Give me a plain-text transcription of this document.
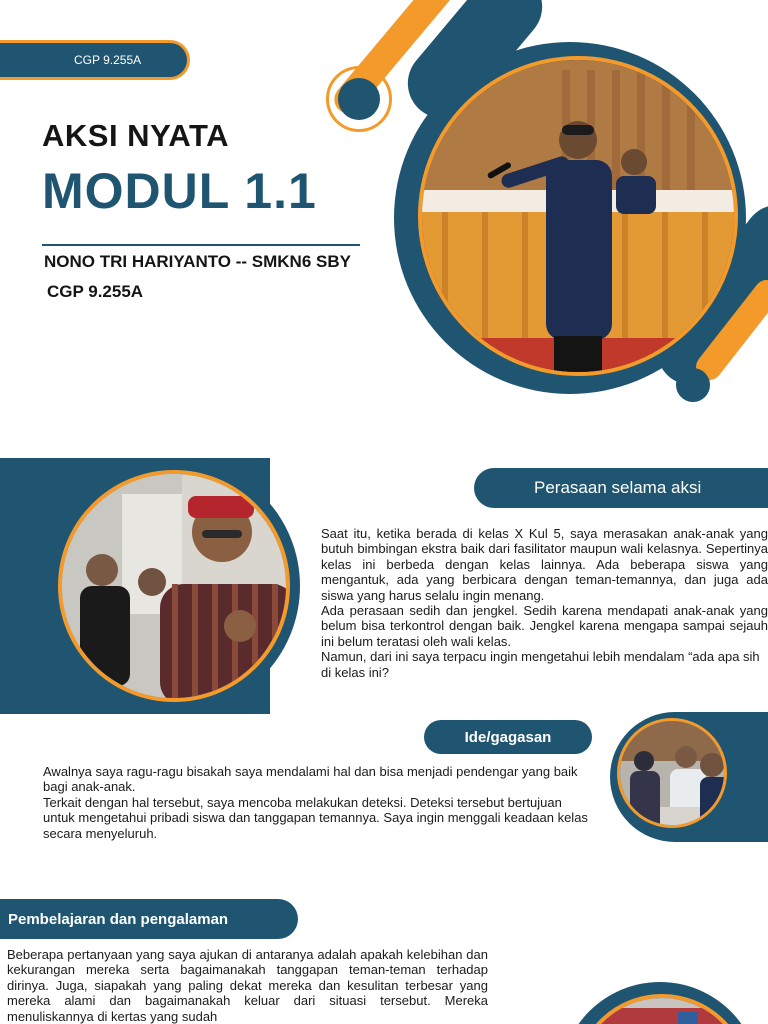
CGP 9.255A
AKSI NYATA
MODUL 1.1
NONO TRI HARIYANTO -- SMKN6 SBY
CGP 9.255A
Perasaan selama aksi

Saat itu, ketika berada di kelas X Kul 5, saya merasakan anak-anak yang butuh bimbingan ekstra baik dari fasilitator maupun wali kelasnya. Sepertinya kelas ini berbeda dengan kelas lainnya. Ada beberapa siswa yang mengantuk, ada yang berbicara dengan teman-temannya, dan juga ada siswa yang harus selalu ingin menang.

Ada perasaan sedih dan jengkel. Sedih karena mendapati anak-anak yang belum bisa terkontrol dengan baik. Jengkel karena mengapa sampai sejauh ini belum teratasi oleh wali kelas.

Namun, dari ini saya terpacu ingin mengetahui lebih mendalam “ada apa sih di kelas ini?

Ide/gagasan

Awalnya saya ragu-ragu bisakah saya mendalami hal dan bisa menjadi pendengar yang baik bagi anak-anak.

Terkait dengan hal tersebut, saya mencoba melakukan deteksi. Deteksi tersebut bertujuan untuk mengetahui pribadi siswa dan tanggapan temannya. Saya ingin menggali keadaan kelas secara menyeluruh.

Pembelajaran dan pengalaman

Beberapa pertanyaan yang saya ajukan di antaranya adalah apakah kelebihan dan kekurangan mereka serta bagaimanakah tanggapan teman-teman terhadap dirinya. Juga, siapakah yang paling dekat mereka dan kesulitan terbesar yang mereka alami dan bagaimanakah keluar dari situasi tersebut. Mereka menuliskannya di kertas yang sudah
